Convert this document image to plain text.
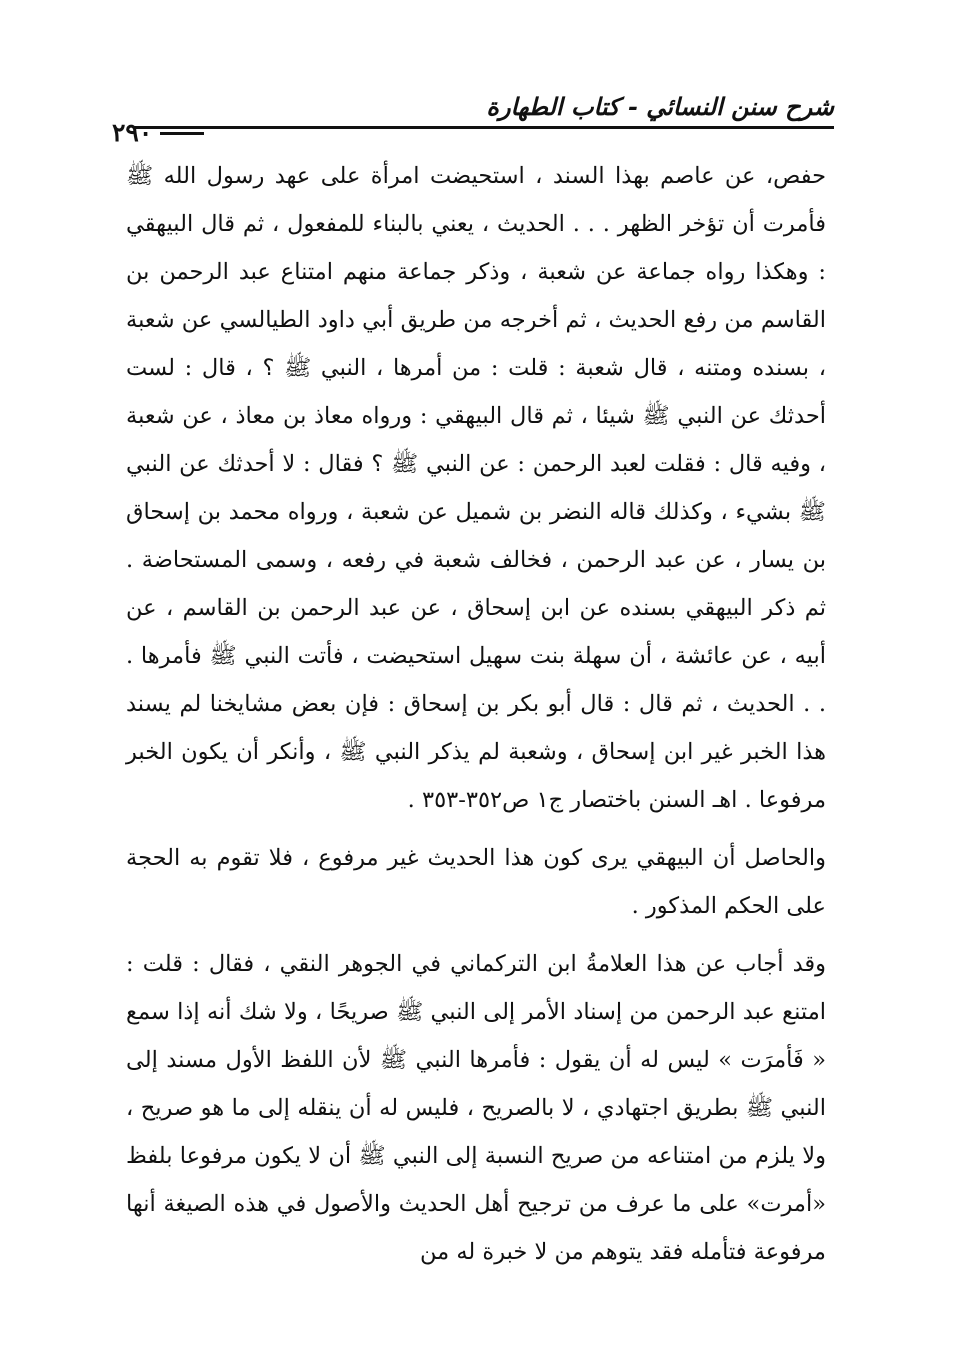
شرح سنن النسائي - كتاب الطهارة
٢٩٠

حفص، عن عاصم بهذا السند ، استحيضت امرأة على عهد رسول الله ﷺ فأمرت أن تؤخر الظهر . . . الحديث ، يعني بالبناء للمفعول ، ثم قال البيهقي : وهكذا رواه جماعة عن شعبة ، وذكر جماعة منهم امتناع عبد الرحمن بن القاسم من رفع الحديث ، ثم أخرجه من طريق أبي داود الطيالسي عن شعبة ، بسنده ومتنه ، قال شعبة : قلت : من أمرها ، النبي ﷺ ؟ ، قال : لست أحدثك عن النبي ﷺ شيئا ، ثم قال البيهقي : ورواه معاذ بن معاذ ، عن شعبة ، وفيه قال : فقلت لعبد الرحمن : عن النبي ﷺ ؟ فقال : لا أحدثك عن النبي ﷺ بشيء ، وكذلك قاله النضر بن شميل عن شعبة ، ورواه محمد بن إسحاق بن يسار ، عن عبد الرحمن ، فخالف شعبة في رفعه ، وسمى المستحاضة . ثم ذكر البيهقي بسنده عن ابن إسحاق ، عن عبد الرحمن بن القاسم ، عن أبيه ، عن عائشة ، أن سهلة بنت سهيل استحيضت ، فأتت النبي ﷺ فأمرها . . . الحديث ، ثم قال : قال أبو بكر بن إسحاق : فإن بعض مشايخنا لم يسند هذا الخبر غير ابن إسحاق ، وشعبة لم يذكر النبي ﷺ ، وأنكر أن يكون الخبر مرفوعا . اهـ السنن باختصار ج١ ص٣٥٢-٣٥٣ .

والحاصل أن البيهقي يرى كون هذا الحديث غير مرفوع ، فلا تقوم به الحجة على الحكم المذكور .

وقد أجاب عن هذا العلامةُ ابن التركماني في الجوهر النقي ، فقال : قلت : امتنع عبد الرحمن من إسناد الأمر إلى النبي ﷺ صريحًا ، ولا شك أنه إذا سمع « فَأمرَت » ليس له أن يقول : فأمرها النبي ﷺ لأن اللفظ الأول مسند إلى النبي ﷺ بطريق اجتهادي ، لا بالصريح ، فليس له أن ينقله إلى ما هو صريح ، ولا يلزم من امتناعه من صريح النسبة إلى النبي ﷺ أن لا يكون مرفوعا بلفظ «أمرت» على ما عرف من ترجيح أهل الحديث والأصول في هذه الصيغة أنها مرفوعة فتأمله فقد يتوهم من لا خبرة له من
